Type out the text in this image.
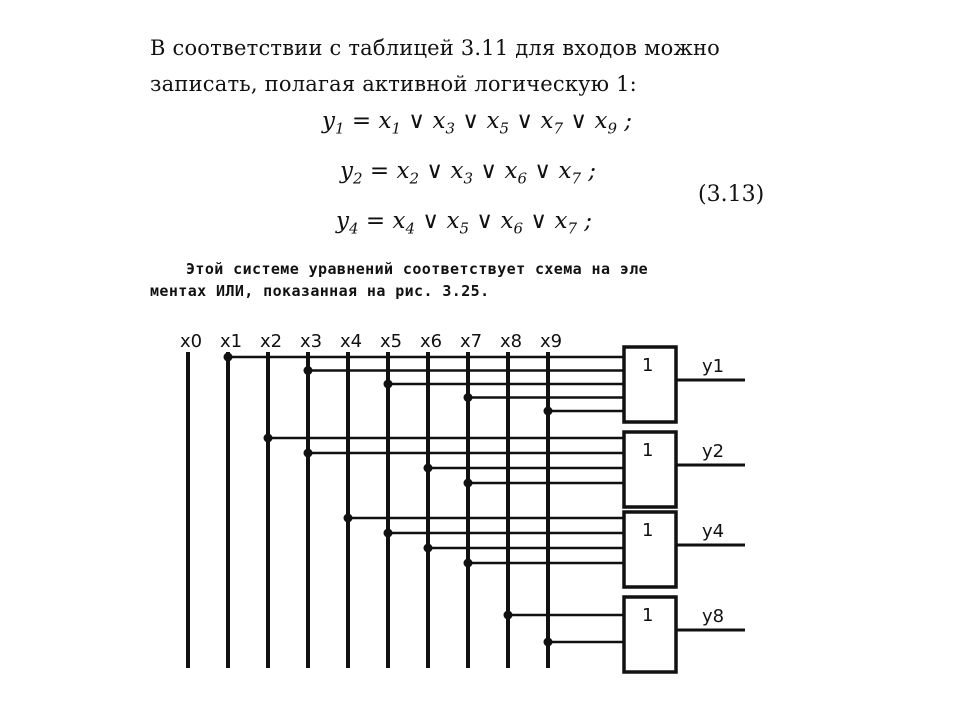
В соответствии с таблицей 3.11 для входов можно записать, полагая активной логическую 1:
$y_1 = x_1$ ∨ $x_3$ ∨ $x_5$ ∨ $x_7$ ∨ $x_9$ ;
$y_2 = x_2$ ∨ $x_3$ ∨ $x_6$ ∨ $x_7$ ;
$y_4 = x_4$ ∨ $x_5$ ∨ $x_6$ ∨ $x_7$ ;
(3.13)
Этой системе уравнений соответствует схема на эле
ментах ИЛИ, показанная на рис. 3.25.
x0 x1 x2 x3 x4 x5 x6 x7 x8 x9
1	y1
1	y2
1	y4
1	y8
